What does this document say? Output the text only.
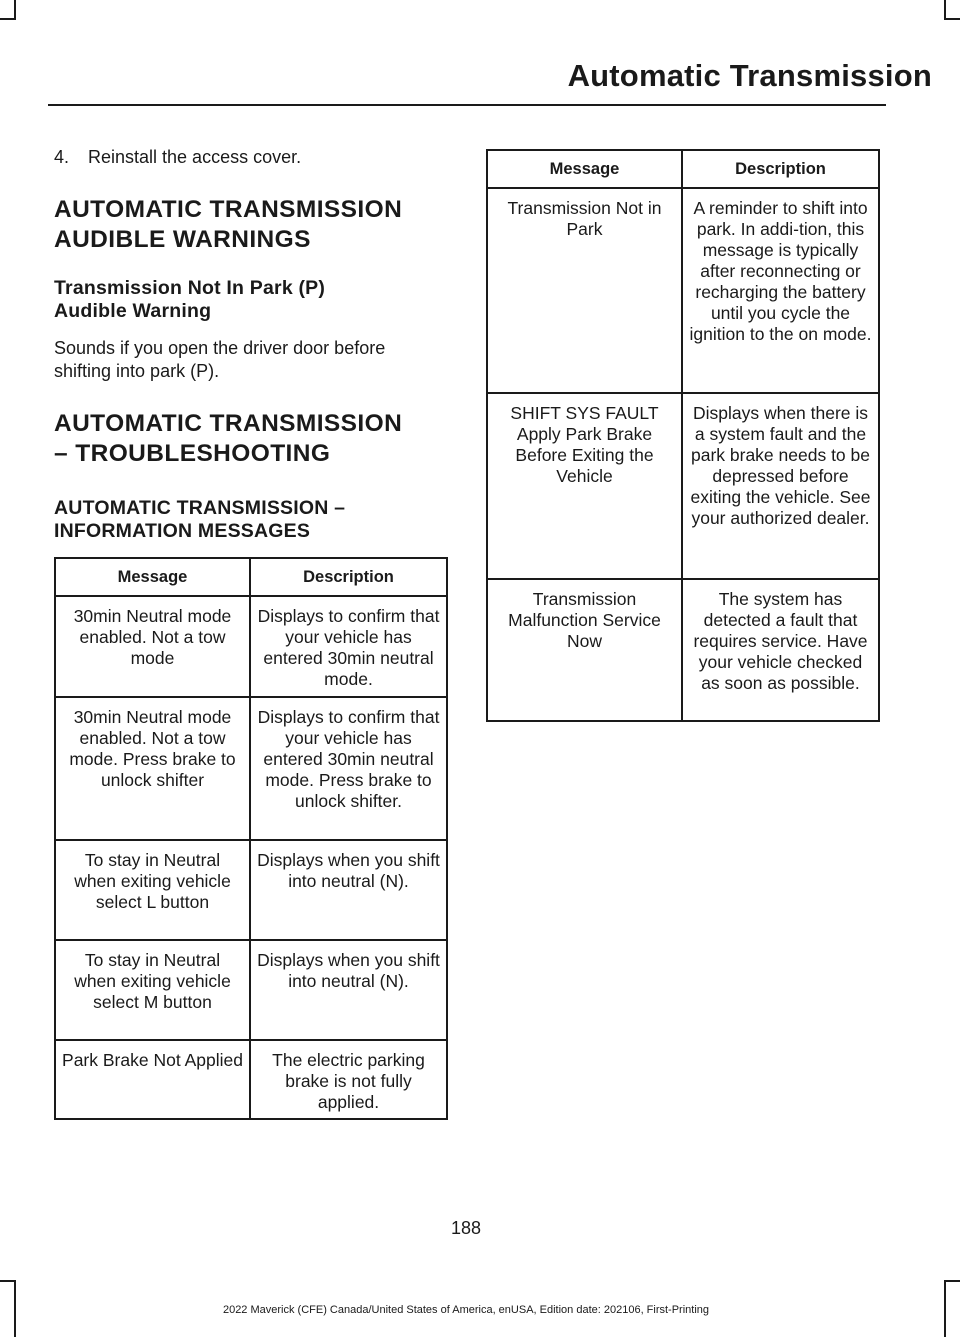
Automatic Transmission

4. Reinstall the access cover.

AUTOMATIC TRANSMISSION
AUDIBLE WARNINGS
Transmission Not In Park (P)
Audible Warning

Sounds if you open the driver door before shifting into park (P).

AUTOMATIC TRANSMISSION
– TROUBLESHOOTING
AUTOMATIC TRANSMISSION –
INFORMATION MESSAGES
Message	Description
30min Neutral mode enabled. Not a tow mode	Displays to confirm that your vehicle has entered 30min neutral mode.
30min Neutral mode enabled. Not a tow mode. Press brake to unlock shifter	Displays to confirm that your vehicle has entered 30min neutral mode. Press brake to unlock shifter.
To stay in Neutral when exiting vehicle select L button	Displays when you shift into neutral (N).
To stay in Neutral when exiting vehicle select M button	Displays when you shift into neutral (N).
Park Brake Not Applied	The electric parking brake is not fully applied.
Message	Description
Transmission Not in Park	A reminder to shift into park. In addi-tion, this message is typically after reconnecting or recharging the battery until you cycle the ignition to the on mode.
SHIFT SYS FAULT Apply Park Brake Before Exiting the Vehicle	Displays when there is a system fault and the park brake needs to be depressed before exiting the vehicle. See your authorized dealer.
Transmission Malfunction Service Now	The system has detected a fault that requires service. Have your vehicle checked as soon as possible.
188
2022 Maverick (CFE) Canada/United States of America, enUSA, Edition date: 202106, First-Printing
